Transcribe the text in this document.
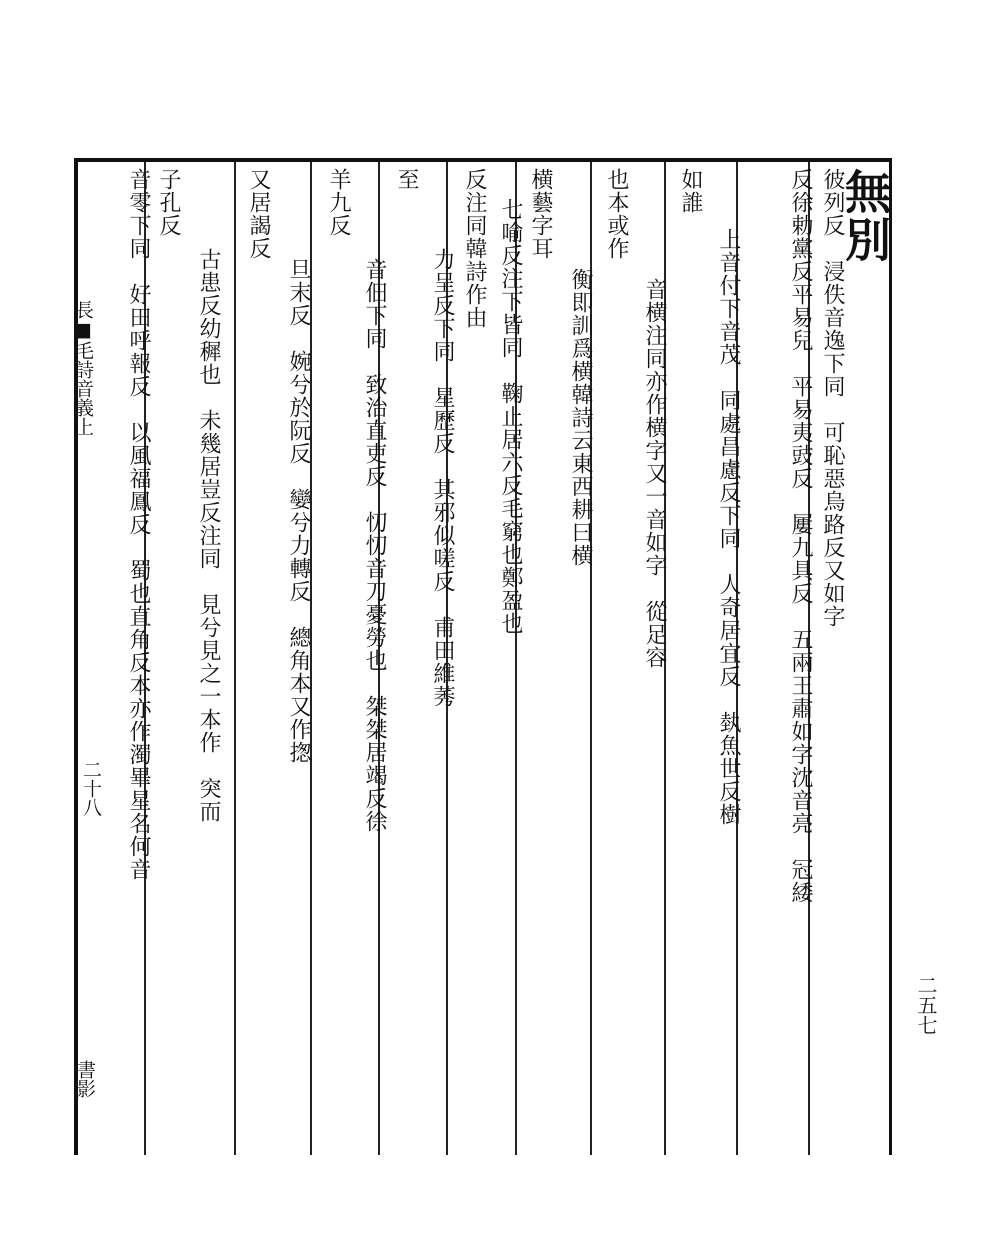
無別
彼列反　浸佚音逸下同　可恥惡烏路反又如字
反徐勅黨反平易兒　平易夷豉反　屢九具反　五兩王肅如字沈音亮　冠緌
如誰
上音付下音茂　同處昌慮反下同　人奇居宜反　埶魚世反樹
也本或作
音横注同亦作横字又一音如字　從足容
横藝字耳
衡即訓爲横韓詩云東西耕曰横
反注同韓詩作由 七喻反注下皆同　鞠止居六反毛窮也鄭盈也
至
力呈反下同　星歷反　其邪似嗟反　甫田維莠
羊九反
音佃下同　致治直吏反　忉忉音刀憂勞也　桀桀居竭反徐
又居謁反
旦末反　婉兮於阮反　孌兮力轉反　總角本又作揔
子孔反
古患反幼穉也　未幾居豈反注同　見兮見之一本作　突而
音零下同　好田呼報反　以風福鳳反　蜀也直角反本亦作濁畢星名何音
長■毛詩音義上
二十八
書影
二五七
